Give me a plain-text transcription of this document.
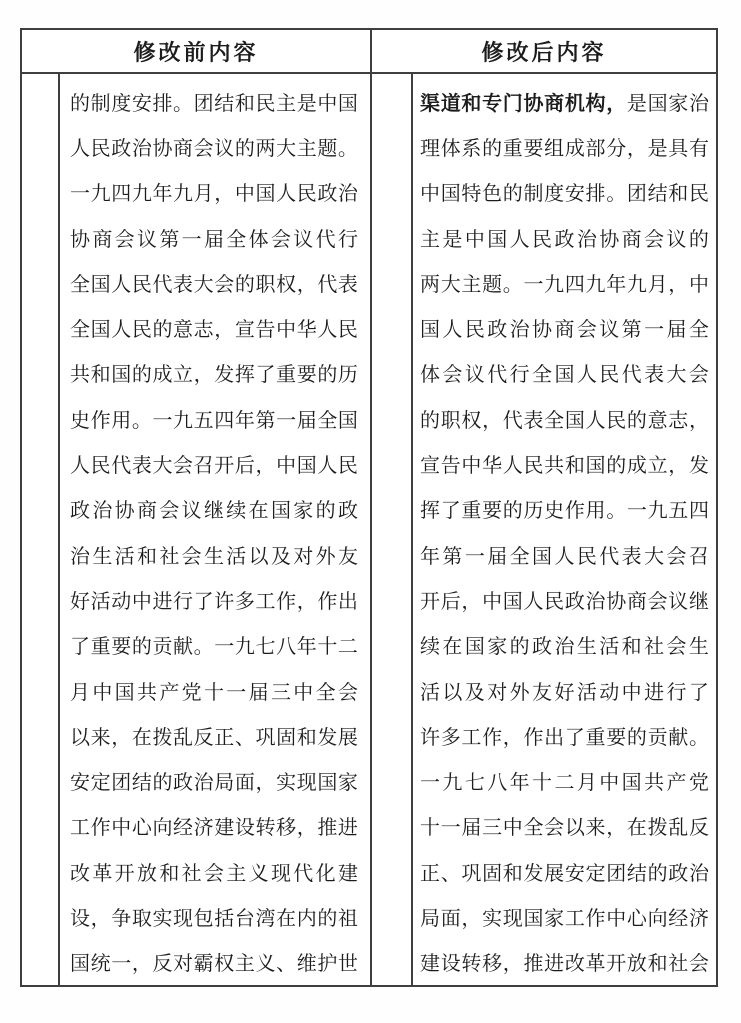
修改前内容	修改后内容
的 制 度 安 排 。 团 结 和 民 主 是 中 国
人 民 政 治 协 商 会 议 的 两 大 主 题 。
一 九 四 九 年 九 月 ， 中 国 人 民 政 治
协 商 会 议 第 一 届 全 体 会 议 代 行
全 国 人 民 代 表 大 会 的 职 权 ， 代 表
全 国 人 民 的 意 志 ， 宣 告 中 华 人 民
共 和 国 的 成 立 ， 发 挥 了 重 要 的 历
史 作 用 。 一 九 五 四 年 第 一 届 全 国
人 民 代 表 大 会 召 开 后 ， 中 国 人 民
政 治 协 商 会 议 继 续 在 国 家 的 政
治 生 活 和 社 会 生 活 以 及 对 外 友
好 活 动 中 进 行 了 许 多 工 作 ， 作 出
了 重 要 的 贡 献 。 一 九 七 八 年 十 二
月 中 国 共 产 党 十 一 届 三 中 全 会
以 来 ， 在 拨 乱 反 正 、 巩 固 和 发 展
安 定 团 结 的 政 治 局 面 ， 实 现 国 家
工 作 中 心 向 经 济 建 设 转 移 ， 推 进
改 革 开 放 和 社 会 主 义 现 代 化 建
设 ， 争 取 实 现 包 括 台 湾 在 内 的 祖
国 统 一 ， 反 对 霸 权 主 义 、 维 护 世
渠 道 和 专 门 协 商 机 构 ， 是 国 家 治
理 体 系 的 重 要 组 成 部 分 ， 是 具 有
中 国 特 色 的 制 度 安 排 。 团 结 和 民
主 是 中 国 人 民 政 治 协 商 会 议 的
两 大 主 题 。 一 九 四 九 年 九 月 ， 中
国 人 民 政 治 协 商 会 议 第 一 届 全
体 会 议 代 行 全 国 人 民 代 表 大 会
的 职 权 ， 代 表 全 国 人 民 的 意 志 ，
宣 告 中 华 人 民 共 和 国 的 成 立 ， 发
挥 了 重 要 的 历 史 作 用 。 一 九 五 四
年 第 一 届 全 国 人 民 代 表 大 会 召
开 后 ， 中 国 人 民 政 治 协 商 会 议 继
续 在 国 家 的 政 治 生 活 和 社 会 生
活 以 及 对 外 友 好 活 动 中 进 行 了
许 多 工 作 ， 作 出 了 重 要 的 贡 献 。
一 九 七 八 年 十 二 月 中 国 共 产 党
十 一 届 三 中 全 会 以 来 ， 在 拨 乱 反
正 、 巩 固 和 发 展 安 定 团 结 的 政 治
局 面 ， 实 现 国 家 工 作 中 心 向 经 济
建 设 转 移 ， 推 进 改 革 开 放 和 社 会
